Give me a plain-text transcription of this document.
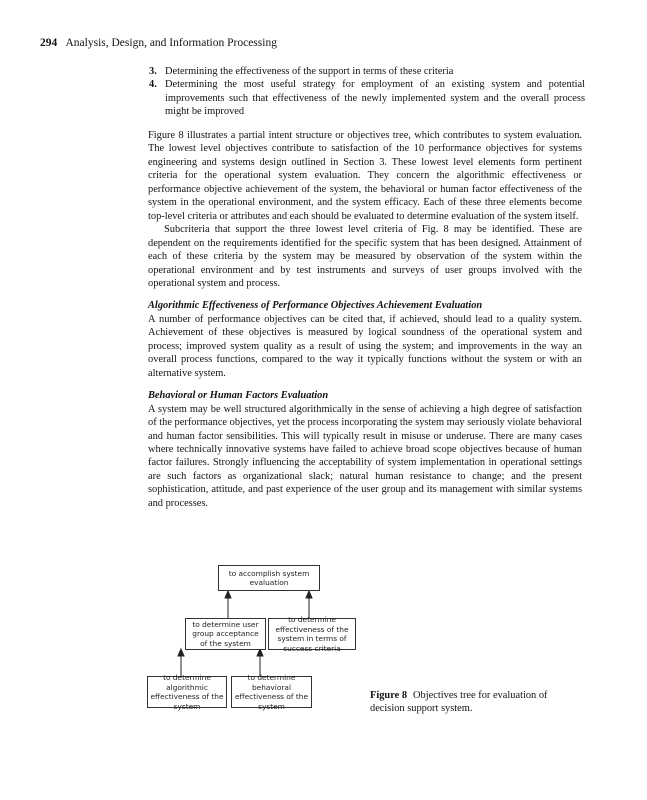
294 Analysis, Design, and Information Processing
3. Determining the effectiveness of the support in terms of these criteria
4. Determining the most useful strategy for employment of an existing system and potential improvements such that effectiveness of the newly implemented system and the overall process might be improved

Figure 8 illustrates a partial intent structure or objectives tree, which contributes to system evaluation. The lowest level objectives contribute to satisfaction of the 10 performance objectives for systems engineering and systems design outlined in Section 3. These lowest level elements form pertinent criteria for the operational system evaluation. They concern the algorithmic effectiveness or performance objective achievement of the system, the behavioral or human factor effectiveness of the system in the operational environment, and the system efficacy. Each of these three elements become top-level criteria or attributes and each should be evaluated to determine evaluation of the system itself.

Subcriteria that support the three lowest level criteria of Fig. 8 may be identified. These are dependent on the requirements identified for the specific system that has been designed. Attainment of each of these criteria by the system may be measured by observation of the system within the operational environment and by test instruments and surveys of user groups involved with the operational system and process.

Algorithmic Effectiveness of Performance Objectives Achievement Evaluation

A number of performance objectives can be cited that, if achieved, should lead to a quality system. Achievement of these objectives is measured by logical soundness of the operational system and process; improved system quality as a result of using the system; and improvements in the way an overall process functions, compared to the way it typically functions without the system or with an alternative system.

Behavioral or Human Factors Evaluation

A system may be well structured algorithmically in the sense of achieving a high degree of satisfaction of the performance objectives, yet the process incorporating the system may seriously violate behavioral and human factor sensibilities. This will typically result in misuse or underuse. There are many cases where technically innovative systems have failed to achieve broad scope objectives because of human factor failures. Strongly influencing the acceptability of system implementation in operational settings are such factors as organizational slack; natural human resistance to change; and the present sophistication, attitude, and past experience of the user group and its management with similar systems and processes.

to accomplish system evaluation
to determine user group acceptance of the system
to determine effectiveness of the system in terms of success criteria
to determine algorithmic effectiveness of the system
to determine behavioral effectiveness of the system
Figure 8 Objectives tree for evaluation of decision support system.
